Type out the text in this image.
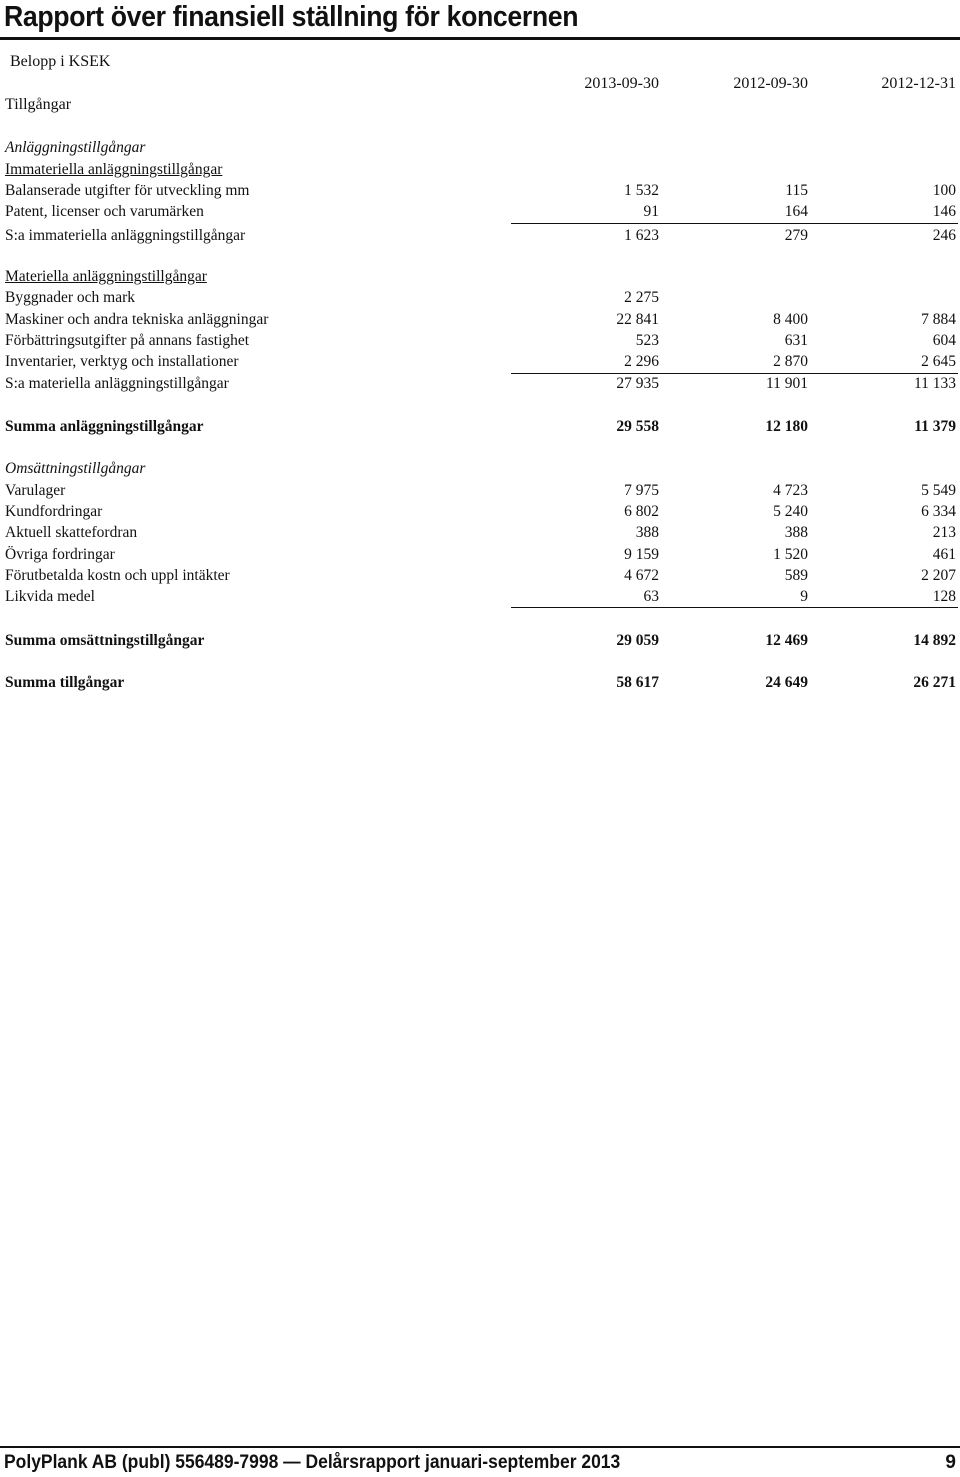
Rapport över finansiell ställning för koncernen
Belopp i KSEK
Tillgångar
2013-09-30	2012-09-30	2012-12-31
Anläggningstillgångar
Immateriella anläggningstillgångar
Balanserade utgifter för utveckling mm	1 532	115	100
Patent, licenser och varumärken	91	164	146
S:a immateriella anläggningstillgångar	1 623	279	246
Materiella anläggningstillgångar
Byggnader och mark	2 275
Maskiner och andra tekniska anläggningar	22 841	8 400	7 884
Förbättringsutgifter på annans fastighet	523	631	604
Inventarier, verktyg och installationer	2 296	2 870	2 645
S:a materiella anläggningstillgångar	27 935	11 901	11 133
Summa anläggningstillgångar	29 558	12 180	11 379
Omsättningstillgångar
Varulager	7 975	4 723	5 549
Kundfordringar	6 802	5 240	6 334
Aktuell skattefordran	388	388	213
Övriga fordringar	9 159	1 520	461
Förutbetalda kostn och uppl intäkter	4 672	589	2 207
Likvida medel	63	9	128
Summa omsättningstillgångar	29 059	12 469	14 892
Summa tillgångar	58 617	24 649	26 271
PolyPlank AB (publ) 556489-7998 — Delårsrapport januari-september 2013	9
